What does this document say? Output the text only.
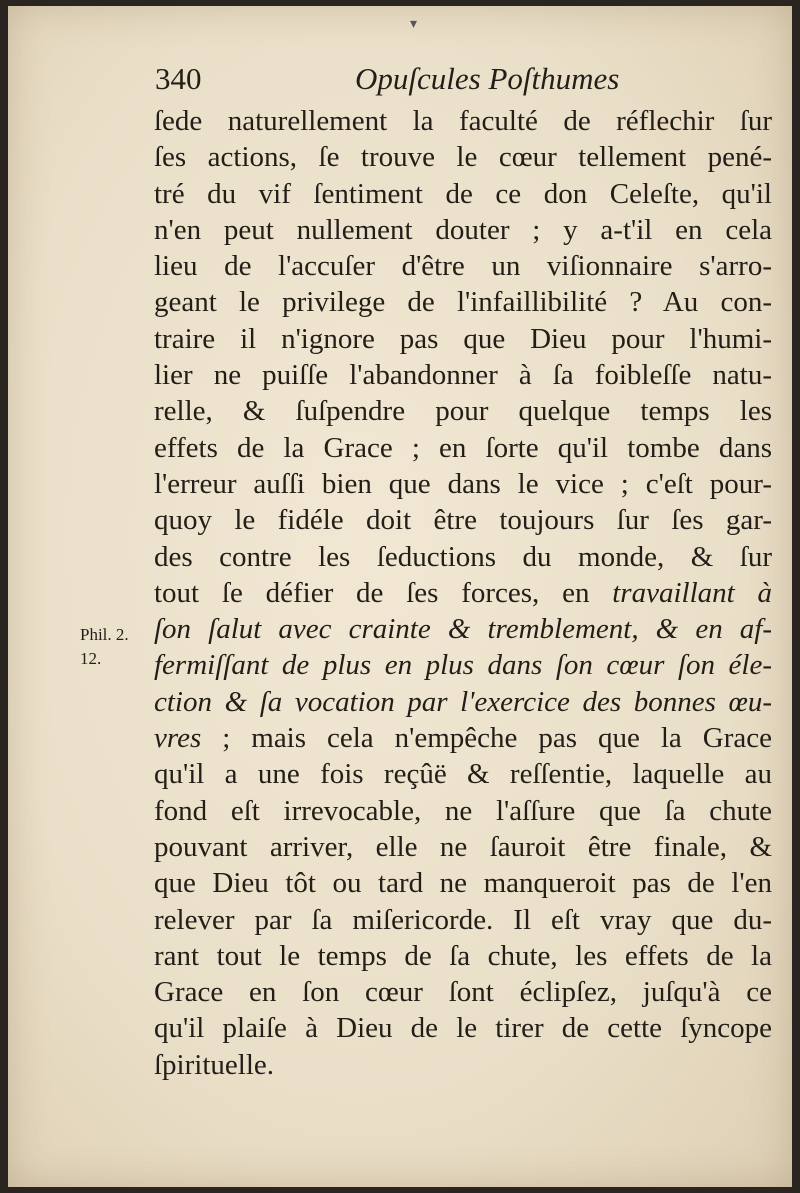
▾
340	Opuſcules Poſthumes
Phil. 2.
12.
ſede naturellement la faculté de réflechir ſur
ſes actions, ſe trouve le cœur tellement pené-
tré du vif ſentiment de ce don Celeſte, qu'il
n'en peut nullement douter ; y a-t'il en cela
lieu de l'accuſer d'être un viſionnaire s'arro-
geant le privilege de l'infaillibilité ? Au con-
traire il n'ignore pas que Dieu pour l'humi-
lier ne puiſſe l'abandonner à ſa foibleſſe natu-
relle, & ſuſpendre pour quelque temps les
effets de la Grace ; en ſorte qu'il tombe dans
l'erreur auſſi bien que dans le vice ; c'eſt pour-
quoy le fidéle doit être toujours ſur ſes gar-
des contre les ſeductions du monde, & ſur
tout ſe défier de ſes forces, en travaillant à
ſon ſalut avec crainte & tremblement, & en af-
fermiſſant de plus en plus dans ſon cœur ſon éle-
ction & ſa vocation par l'exercice des bonnes œu-
vres ; mais cela n'empêche pas que la Grace
qu'il a une fois reçûë & reſſentie, laquelle au
fond eſt irrevocable, ne l'aſſure que ſa chute
pouvant arriver, elle ne ſauroit être finale, &
que Dieu tôt ou tard ne manqueroit pas de l'en
relever par ſa miſericorde. Il eſt vray que du-
rant tout le temps de ſa chute, les effets de la
Grace en ſon cœur ſont éclipſez, juſqu'à ce
qu'il plaiſe à Dieu de le tirer de cette ſyncope
ſpirituelle.
